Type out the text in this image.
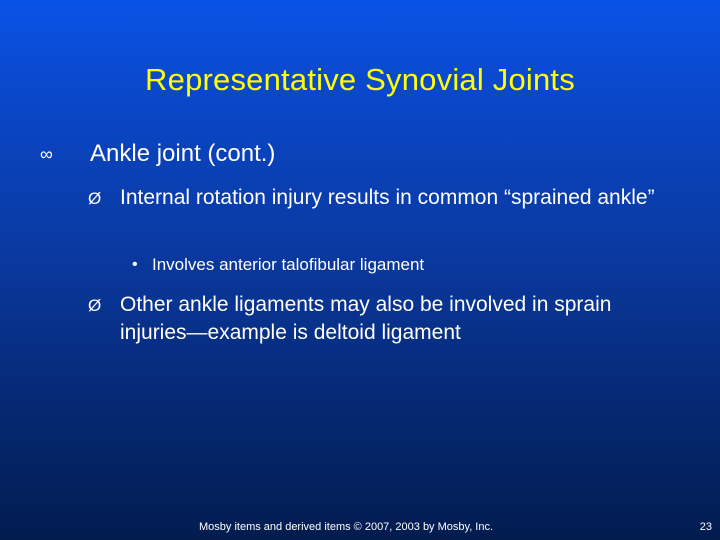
Representative Synovial Joints
∞	Ankle joint (cont.)
Ø Internal rotation injury results in common “sprained ankle”
• Involves anterior talofibular ligament
Ø Other ankle ligaments may also be involved in sprain injuries—example is deltoid ligament
Mosby items and derived items © 2007, 2003 by Mosby, Inc.	23
